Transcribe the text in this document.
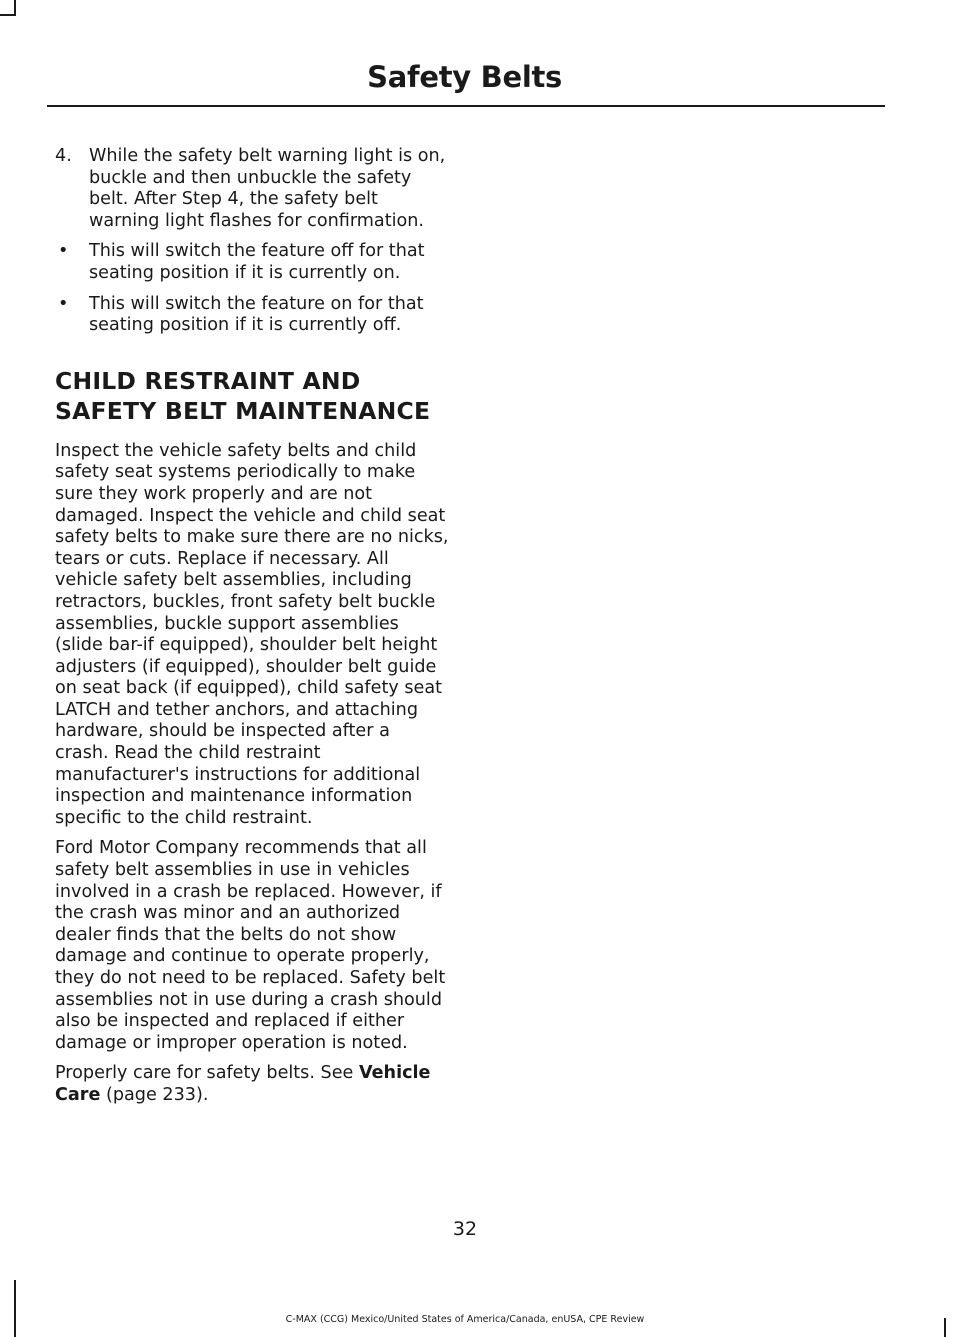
Safety Belts
4. While the safety belt warning light is on, buckle and then unbuckle the safety belt. After Step 4, the safety belt warning light flashes for confirmation.
• This will switch the feature off for that seating position if it is currently on.
• This will switch the feature on for that seating position if it is currently off.
CHILD RESTRAINT AND SAFETY BELT MAINTENANCE

Inspect the vehicle safety belts and child safety seat systems periodically to make sure they work properly and are not damaged. Inspect the vehicle and child seat safety belts to make sure there are no nicks, tears or cuts. Replace if necessary. All vehicle safety belt assemblies, including retractors, buckles, front safety belt buckle assemblies, buckle support assemblies (slide bar-if equipped), shoulder belt height adjusters (if equipped), shoulder belt guide on seat back (if equipped), child safety seat LATCH and tether anchors, and attaching hardware, should be inspected after a crash. Read the child restraint manufacturer's instructions for additional inspection and maintenance information specific to the child restraint.

Ford Motor Company recommends that all safety belt assemblies in use in vehicles involved in a crash be replaced. However, if the crash was minor and an authorized dealer finds that the belts do not show damage and continue to operate properly, they do not need to be replaced. Safety belt assemblies not in use during a crash should also be inspected and replaced if either damage or improper operation is noted.

Properly care for safety belts. See Vehicle Care (page 233).

32
C-MAX (CCG) Mexico/United States of America/Canada, enUSA, CPE Review
